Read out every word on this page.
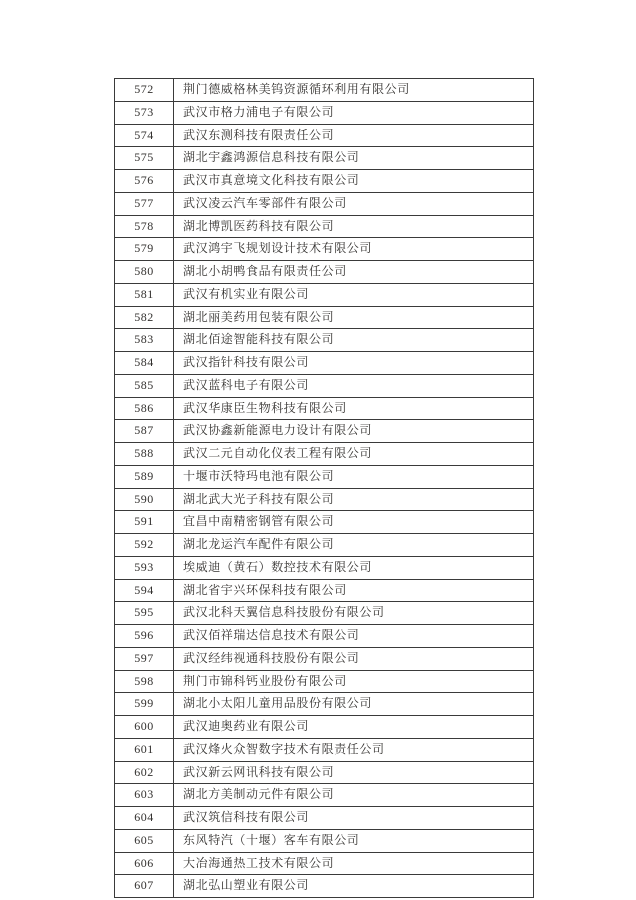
572	荆门德威格林美钨资源循环利用有限公司
573	武汉市格力浦电子有限公司
574	武汉东测科技有限责任公司
575	湖北宇鑫鸿源信息科技有限公司
576	武汉市真意境文化科技有限公司
577	武汉凌云汽车零部件有限公司
578	湖北博凯医药科技有限公司
579	武汉鸿宇飞规划设计技术有限公司
580	湖北小胡鸭食品有限责任公司
581	武汉有机实业有限公司
582	湖北丽美药用包装有限公司
583	湖北佰途智能科技有限公司
584	武汉指针科技有限公司
585	武汉蓝科电子有限公司
586	武汉华康臣生物科技有限公司
587	武汉协鑫新能源电力设计有限公司
588	武汉二元自动化仪表工程有限公司
589	十堰市沃特玛电池有限公司
590	湖北武大光子科技有限公司
591	宜昌中南精密钢管有限公司
592	湖北龙运汽车配件有限公司
593	埃威迪（黄石）数控技术有限公司
594	湖北省宇兴环保科技有限公司
595	武汉北科天翼信息科技股份有限公司
596	武汉佰祥瑞达信息技术有限公司
597	武汉经纬视通科技股份有限公司
598	荆门市锦科钙业股份有限公司
599	湖北小太阳儿童用品股份有限公司
600	武汉迪奥药业有限公司
601	武汉烽火众智数字技术有限责任公司
602	武汉新云网讯科技有限公司
603	湖北方美制动元件有限公司
604	武汉筑信科技有限公司
605	东风特汽（十堰）客车有限公司
606	大冶海通热工技术有限公司
607	湖北弘山塑业有限公司
